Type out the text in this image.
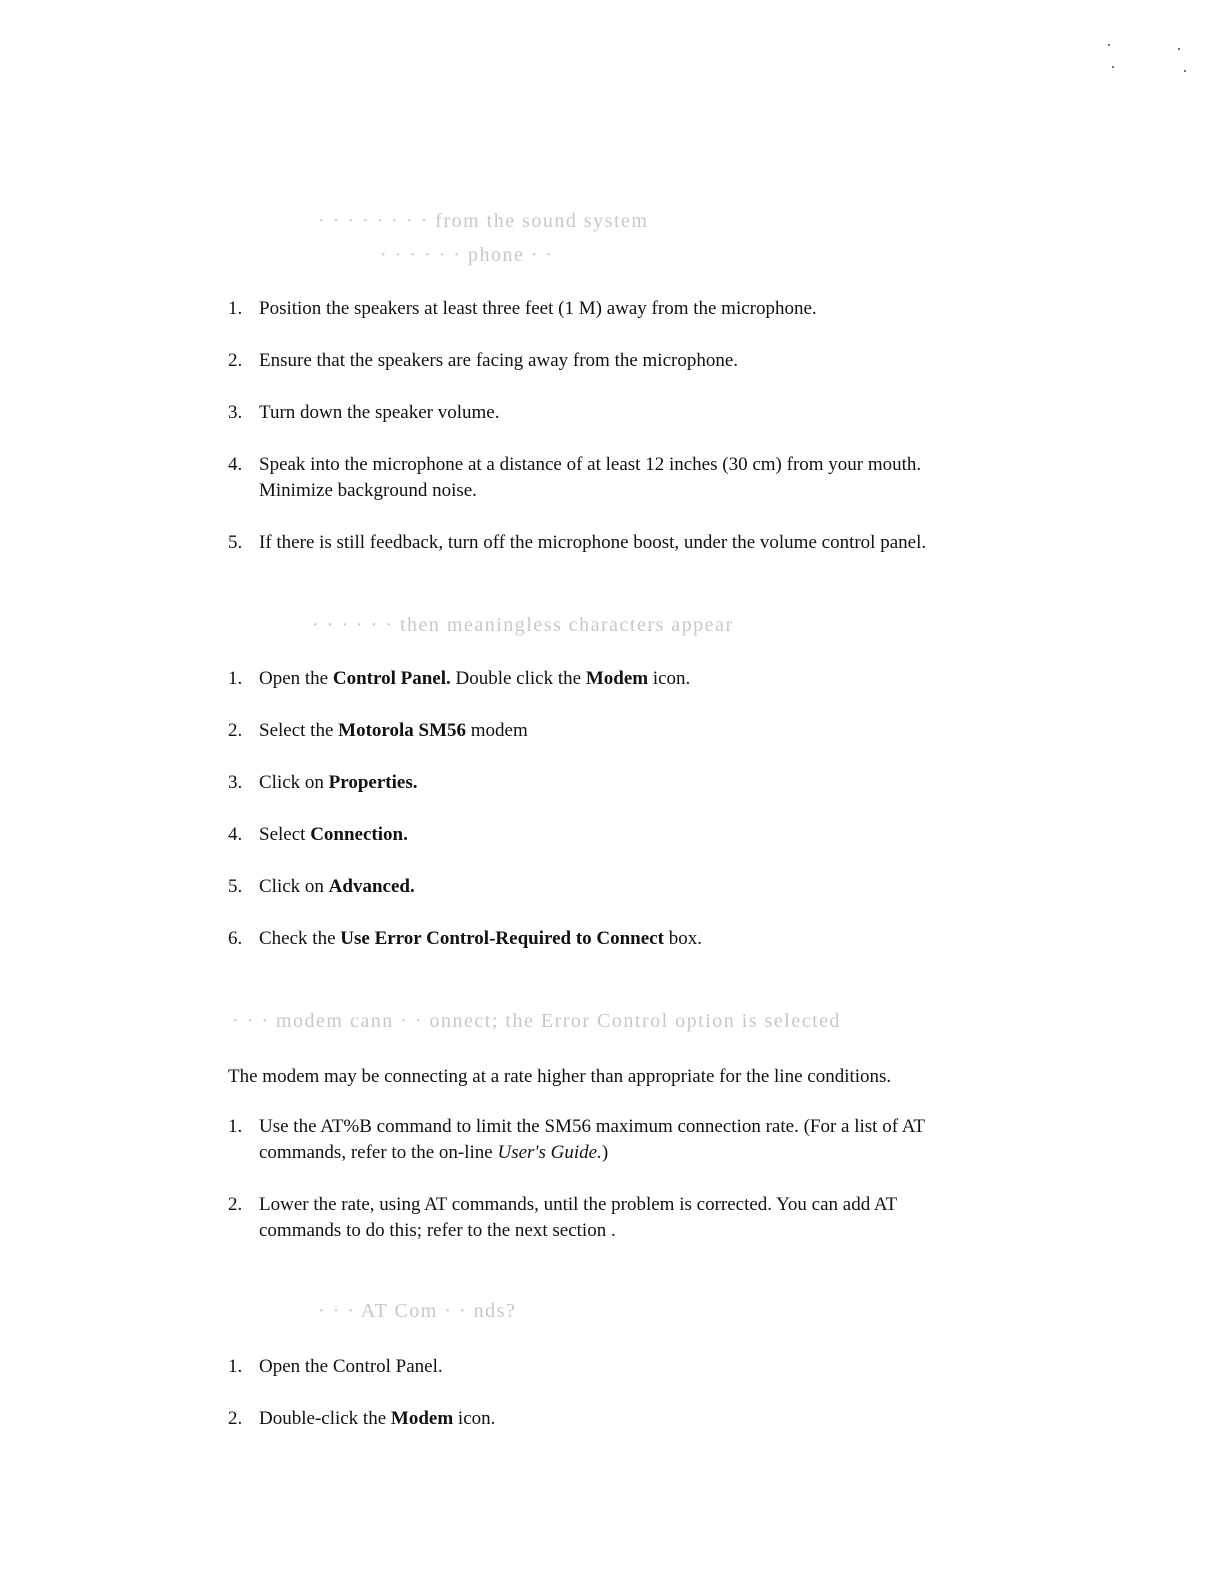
· · · · · · · · from the sound system
· · · · · · phone · ·
1. Position the speakers at least three feet (1 M) away from the microphone.
2. Ensure that the speakers are facing away from the microphone.
3. Turn down the speaker volume.
4. Speak into the microphone at a distance of at least 12 inches (30 cm) from your mouth.
Minimize background noise.
5. If there is still feedback, turn off the microphone boost, under the volume control panel.
· · · · · · then meaningless characters appear
1. Open the Control Panel. Double click the Modem icon.
2. Select the Motorola SM56 modem
3. Click on Properties.
4. Select Connection.
5. Click on Advanced.
6. Check the Use Error Control-Required to Connect box.
· · · modem cann · · onnect; the Error Control option is selected
The modem may be connecting at a rate higher than appropriate for the line conditions.
1. Use the AT%B command to limit the SM56 maximum connection rate. (For a list of AT
commands, refer to the on-line User's Guide.)
2. Lower the rate, using AT commands, until the problem is corrected. You can add AT
commands to do this; refer to the next section .
· · · AT Com · · nds?
1. Open the Control Panel.
2. Double-click the Modem icon.
